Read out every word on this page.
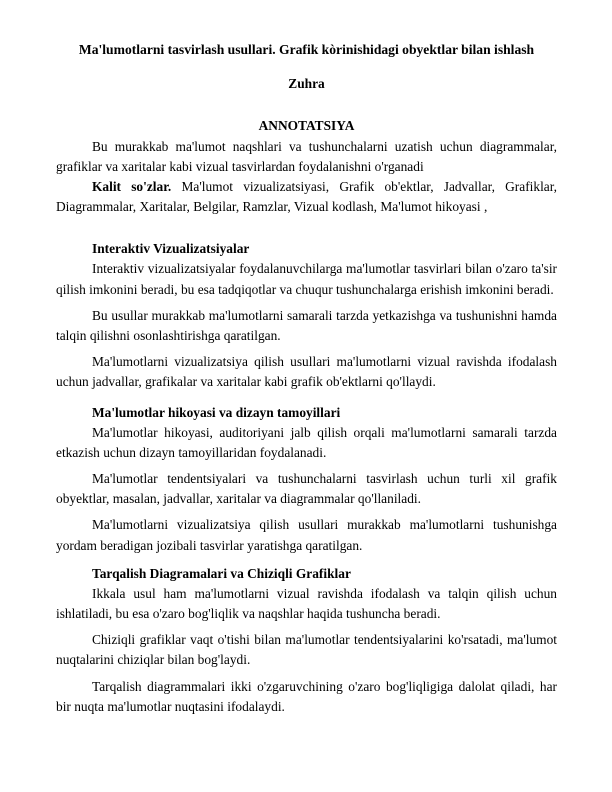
Ma'lumotlarni tasvirlash usullari. Grafik kòrinishidagi obyektlar bilan ishlash
Zuhra
ANNOTATSIYA

Bu murakkab ma'lumot naqshlari va tushunchalarni uzatish uchun diagrammalar, grafiklar va xaritalar kabi vizual tasvirlardan foydalanishni o'rganadi

Kalit so'zlar. Ma'lumot vizualizatsiyasi, Grafik ob'ektlar, Jadvallar, Grafiklar, Diagrammalar, Xaritalar, Belgilar, Ramzlar, Vizual kodlash, Ma'lumot hikoyasi ,

Interaktiv Vizualizatsiyalar

Interaktiv vizualizatsiyalar foydalanuvchilarga ma'lumotlar tasvirlari bilan o'zaro ta'sir qilish imkonini beradi, bu esa tadqiqotlar va chuqur tushunchalarga erishish imkonini beradi.

Bu usullar murakkab ma'lumotlarni samarali tarzda yetkazishga va tushunishni hamda talqin qilishni osonlashtirishga qaratilgan.

Ma'lumotlarni vizualizatsiya qilish usullari ma'lumotlarni vizual ravishda ifodalash uchun jadvallar, grafikalar va xaritalar kabi grafik ob'ektlarni qo'llaydi.

Ma'lumotlar hikoyasi va dizayn tamoyillari

Ma'lumotlar hikoyasi, auditoriyani jalb qilish orqali ma'lumotlarni samarali tarzda etkazish uchun dizayn tamoyillaridan foydalanadi.

Ma'lumotlar tendentsiyalari va tushunchalarni tasvirlash uchun turli xil grafik obyektlar, masalan, jadvallar, xaritalar va diagrammalar qo'llaniladi.

Ma'lumotlarni vizualizatsiya qilish usullari murakkab ma'lumotlarni tushunishga yordam beradigan jozibali tasvirlar yaratishga qaratilgan.

Tarqalish Diagramalari va Chiziqli Grafiklar

Ikkala usul ham ma'lumotlarni vizual ravishda ifodalash va talqin qilish uchun ishlatiladi, bu esa o'zaro bog'liqlik va naqshlar haqida tushuncha beradi.

Chiziqli grafiklar vaqt o'tishi bilan ma'lumotlar tendentsiyalarini ko'rsatadi, ma'lumot nuqtalarini chiziqlar bilan bog'laydi.

Tarqalish diagrammalari ikki o'zgaruvchining o'zaro bog'liqligiga dalolat qiladi, har bir nuqta ma'lumotlar nuqtasini ifodalaydi.
